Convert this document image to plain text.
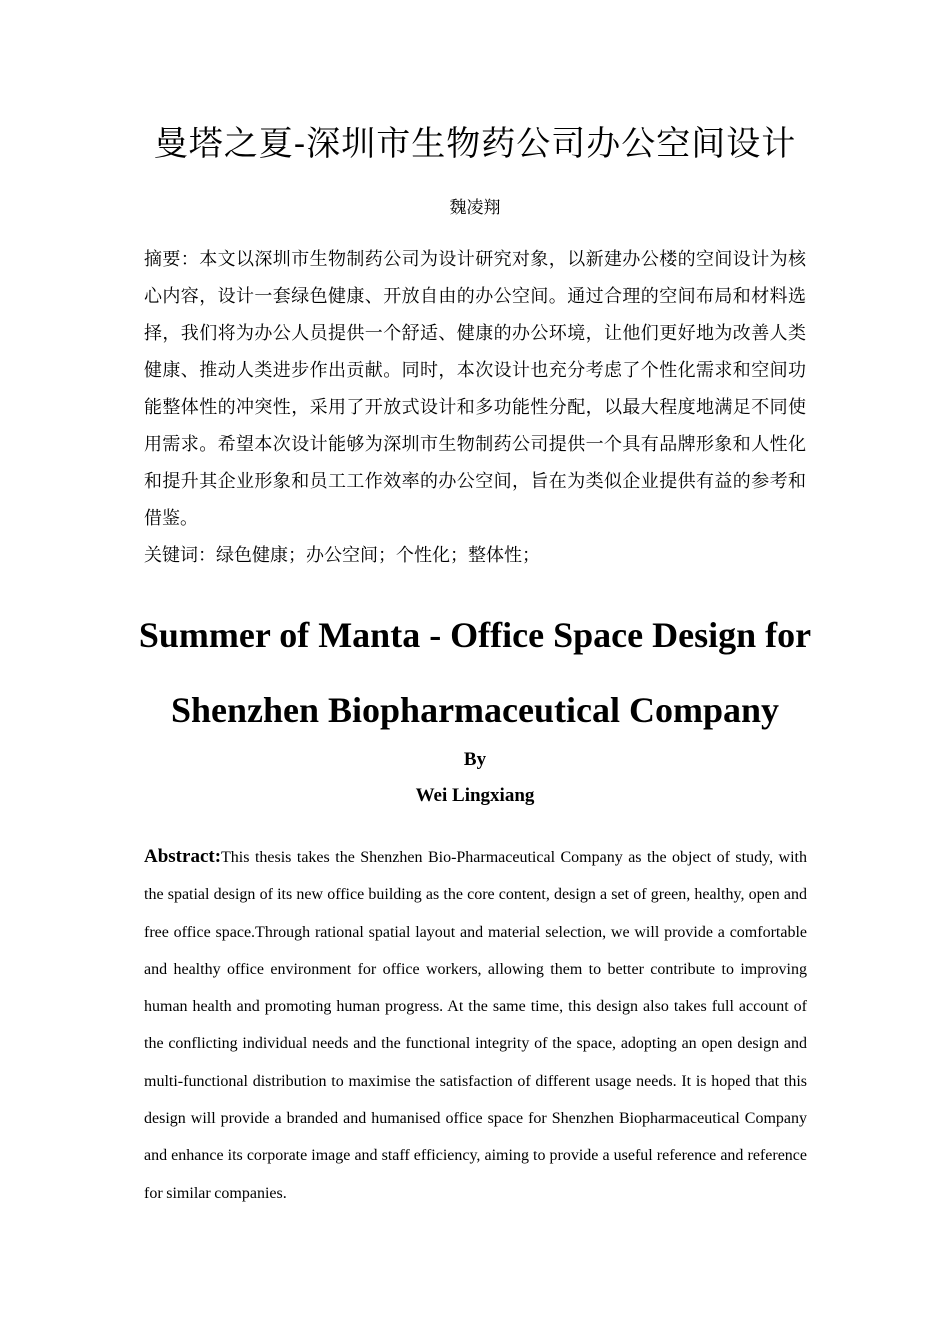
曼塔之夏-深圳市生物药公司办公空间设计

魏凌翔

摘要：本文以深圳市生物制药公司为设计研究对象，以新建办公楼的空间设计为核心内容，设计一套绿色健康、开放自由的办公空间。通过合理的空间布局和材料选择，我们将为办公人员提供一个舒适、健康的办公环境，让他们更好地为改善人类健康、推动人类进步作出贡献。同时，本次设计也充分考虑了个性化需求和空间功能整体性的冲突性，采用了开放式设计和多功能性分配，以最大程度地满足不同使用需求。希望本次设计能够为深圳市生物制药公司提供一个具有品牌形象和人性化和提升其企业形象和员工工作效率的办公空间，旨在为类似企业提供有益的参考和借鉴。

关键词：绿色健康；办公空间；个性化；整体性；

Summer of Manta - Office Space Design for Shenzhen Biopharmaceutical Company

By

Wei Lingxiang

Abstract:This thesis takes the Shenzhen Bio-Pharmaceutical Company as the object of study, with the spatial design of its new office building as the core content, design a set of green, healthy, open and free office space.Through rational spatial layout and material selection, we will provide a comfortable and healthy office environment for office workers, allowing them to better contribute to improving human health and promoting human progress. At the same time, this design also takes full account of the conflicting individual needs and the functional integrity of the space, adopting an open design and multi-functional distribution to maximise the satisfaction of different usage needs. It is hoped that this design will provide a branded and humanised office space for Shenzhen Biopharmaceutical Company and enhance its corporate image and staff efficiency, aiming to provide a useful reference and reference for similar companies.
